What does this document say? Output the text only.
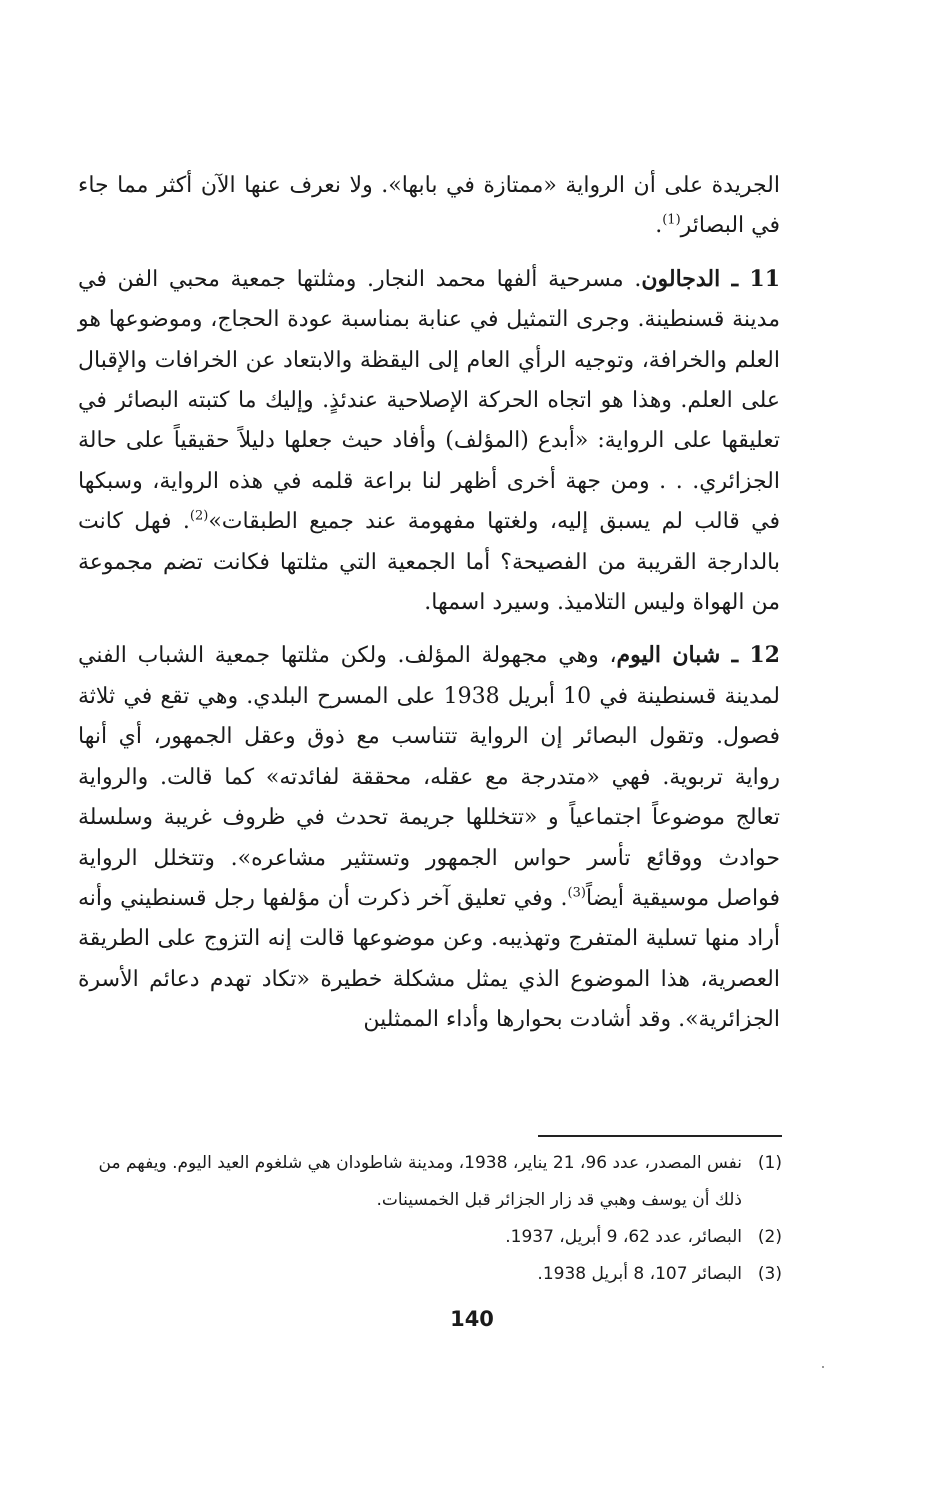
الجريدة على أن الرواية «ممتازة في بابها». ولا نعرف عنها الآن أكثر مما جاء في البصائر$^{(1)}$.

11 ـ الدجالون. مسرحية ألفها محمد النجار. ومثلتها جمعية محبي الفن في مدينة قسنطينة. وجرى التمثيل في عنابة بمناسبة عودة الحجاج، وموضوعها هو العلم والخرافة، وتوجيه الرأي العام إلى اليقظة والابتعاد عن الخرافات والإقبال على العلم. وهذا هو اتجاه الحركة الإصلاحية عندئذٍ. وإليك ما كتبته البصائر في تعليقها على الرواية: «أبدع (المؤلف) وأفاد حيث جعلها دليلاً حقيقياً على حالة الجزائري. . . ومن جهة أخرى أظهر لنا براعة قلمه في هذه الرواية، وسبكها في قالب لم يسبق إليه، ولغتها مفهومة عند جميع الطبقات»$^{(2)}$. فهل كانت بالدارجة القريبة من الفصيحة؟ أما الجمعية التي مثلتها فكانت تضم مجموعة من الهواة وليس التلاميذ. وسيرد اسمها.

12 ـ شبان اليوم، وهي مجهولة المؤلف. ولكن مثلتها جمعية الشباب الفني لمدينة قسنطينة في 10 أبريل 1938 على المسرح البلدي. وهي تقع في ثلاثة فصول. وتقول البصائر إن الرواية تتناسب مع ذوق وعقل الجمهور، أي أنها رواية تربوية. فهي «متدرجة مع عقله، محققة لفائدته» كما قالت. والرواية تعالج موضوعاً اجتماعياً و «تتخللها جريمة تحدث في ظروف غريبة وسلسلة حوادث ووقائع تأسر حواس الجمهور وتستثير مشاعره». وتتخلل الرواية فواصل موسيقية أيضاً$^{(3)}$. وفي تعليق آخر ذكرت أن مؤلفها رجل قسنطيني وأنه أراد منها تسلية المتفرج وتهذيبه. وعن موضوعها قالت إنه التزوج على الطريقة العصرية، هذا الموضوع الذي يمثل مشكلة خطيرة «تكاد تهدم دعائم الأسرة الجزائرية». وقد أشادت بحوارها وأداء الممثلين

(1)
نفس المصدر، عدد 96، 21 يناير، 1938، ومدينة شاطودان هي شلغوم العيد اليوم. ويفهم من ذلك أن يوسف وهبي قد زار الجزائر قبل الخمسينات.
(2)
البصائر، عدد 62، 9 أبريل، 1937.
(3)
البصائر 107، 8 أبريل 1938.
140
